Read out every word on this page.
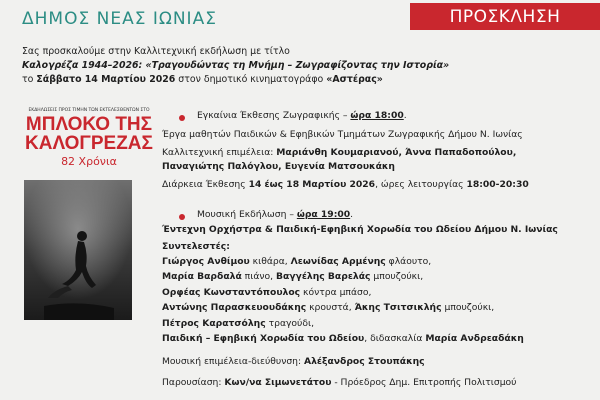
ΔΗΜΟΣ ΝΕΑΣ ΙΩΝΙΑΣ	ΠΡΟΣΚΛΗΣΗ
Σας προσκαλούμε στην Καλλιτεχνική εκδήλωση με τίτλο
Καλογρέζα 1944–2026: «Τραγουδώντας τη Μνήμη – Ζωγραφίζοντας την Ιστορία»
το Σάββατο 14 Μαρτίου 2026 στον δημοτικό κινηματογράφο «Αστέρας»
ΕΚΔΗΛΩΣΕΙΣ ΠΡΟΣ ΤΙΜΗΝ ΤΩΝ ΕΚΤΕΛΕΣΘΕΝΤΩΝ ΣΤΟ
ΜΠΛΟΚΟ ΤΗΣ
ΚΑΛΟΓΡΕΖΑΣ
82 Χρόνια
Εγκαίνια Έκθεσης Ζωγραφικής – ώρα 18:00.
Έργα μαθητών Παιδικών & Εφηβικών Τμημάτων Ζωγραφικής Δήμου Ν. Ιωνίας
Καλλιτεχνική επιμέλεια: Μαριάνθη Κουμαριανού, Άννα Παπαδοπούλου,
Παναγιώτης Παλόγλου, Ευγενία Ματσουκάκη
Διάρκεια Έκθεσης 14 έως 18 Μαρτίου 2026, ώρες λειτουργίας 18:00-20:30
Μουσική Εκδήλωση – ώρα 19:00.
Έντεχνη Ορχήστρα & Παιδική-Εφηβική Χορωδία του Ωδείου Δήμου Ν. Ιωνίας
Συντελεστές:
Γιώργος Ανθίμου κιθάρα, Λεωνίδας Αρμένης φλάουτο,
Μαρία Βαρδαλά πιάνο, Βαγγέλης Βαρελάς μπουζούκι,
Ορφέας Κωνσταντόπουλος κόντρα μπάσο,
Αντώνης Παρασκευουδάκης κρουστά, Άκης Τσιτσικλής μπουζούκι,
Πέτρος Καρατσόλης τραγούδι,
Παιδική – Εφηβική Χορωδία του Ωδείου, διδασκαλία Μαρία Ανδρεαδάκη
Μουσική επιμέλεια-διεύθυνση: Αλέξανδρος Στουπάκης
Παρουσίαση: Κων/να Σιμωνετάτου - Πρόεδρος Δημ. Επιτροπής Πολιτισμού
